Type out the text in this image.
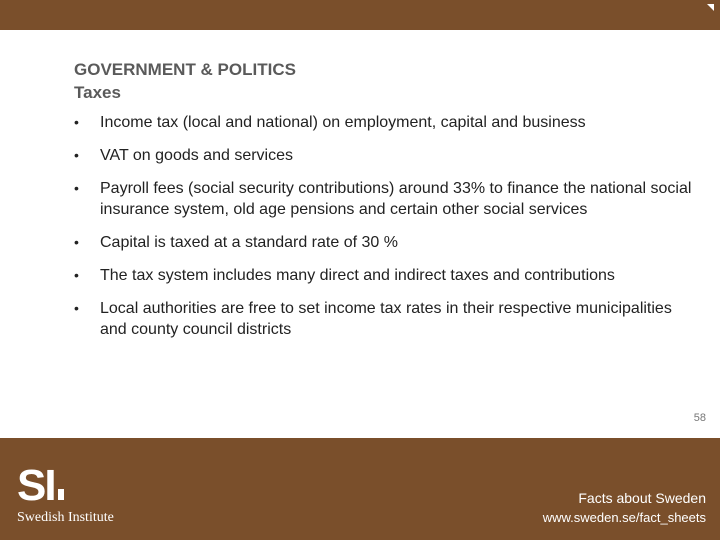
GOVERNMENT & POLITICS
Taxes
• Income tax (local and national) on employment, capital and business
• VAT on goods and services
• Payroll fees (social security contributions) around 33% to finance the national social insurance system, old age pensions and certain other social services
• Capital is taxed at a standard rate of 30 %
• The tax system includes many direct and indirect taxes and contributions
• Local authorities are free to set income tax rates in their respective municipalities and county council districts
58
SI
Swedish Institute
Facts about Sweden
www.sweden.se/fact_sheets
